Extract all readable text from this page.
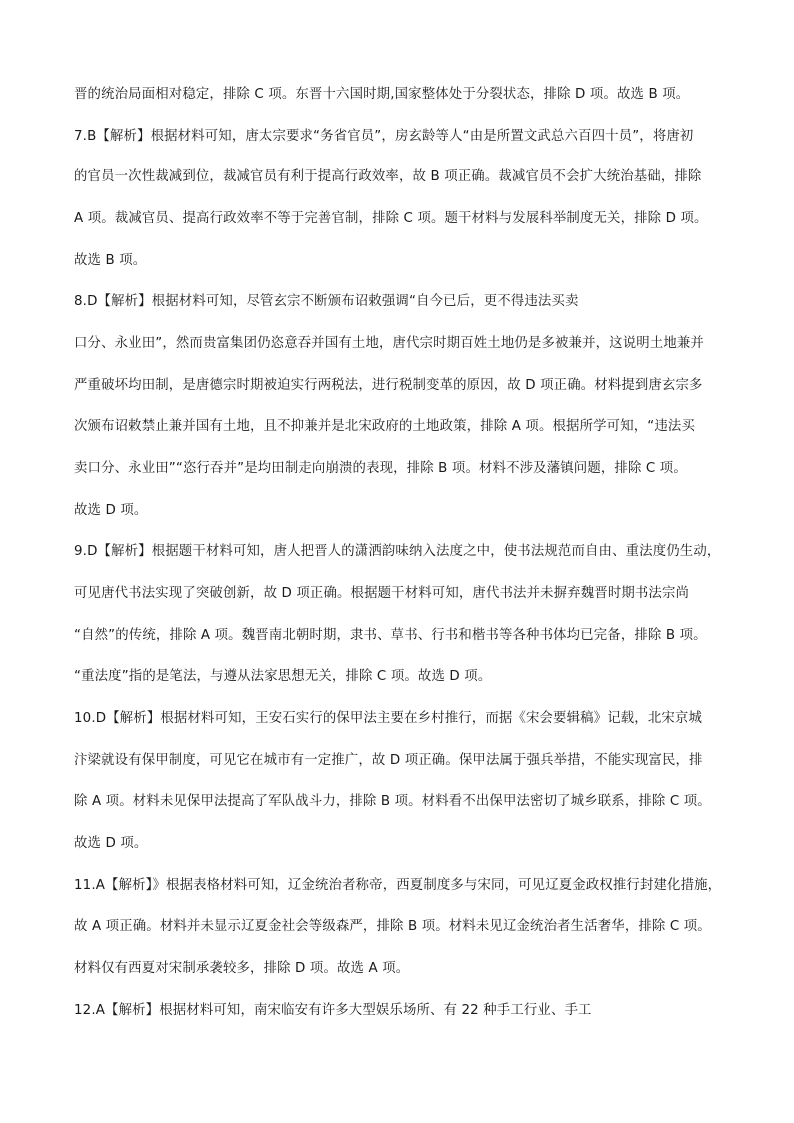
晋的统治局面相对稳定，排除 C 项。东晋十六国时期,国家整体处于分裂状态，排除 D 项。故选 B 项。
7.B【解析】根据材料可知，唐太宗要求“务省官员”，房玄龄等人“由是所置文武总六百四十员”，将唐初
的官员一次性裁减到位，裁减官员有利于提高行政效率，故 B 项正确。裁减官员不会扩大统治基础，排除
A 项。裁减官员、提高行政效率不等于完善官制，排除 C 项。题干材料与发展科举制度无关，排除 D 项。
故选 B 项。
8.D【解析】根据材料可知，尽管玄宗不断颁布诏敕强调“自今已后，更不得违法买卖
口分、永业田”，然而贵富集团仍恣意吞并国有土地，唐代宗时期百姓土地仍是多被兼并，这说明土地兼并
严重破坏均田制，是唐德宗时期被迫实行两税法，进行税制变革的原因，故 D 项正确。材料提到唐玄宗多
次颁布诏敕禁止兼并国有土地，且不抑兼并是北宋政府的土地政策，排除 A 项。根据所学可知，“违法买
卖口分、永业田”“恣行吞并”是均田制走向崩溃的表现，排除 B 项。材料不涉及藩镇问题，排除 C 项。
故选 D 项。
9.D【解析】根据题干材料可知，唐人把晋人的潇洒韵味纳入法度之中，使书法规范而自由、重法度仍生动，
可见唐代书法实现了突破创新，故 D 项正确。根据题干材料可知，唐代书法并未摒弃魏晋时期书法宗尚
“自然”的传统，排除 A 项。魏晋南北朝时期，隶书、草书、行书和楷书等各种书体均已完备，排除 B 项。
“重法度”指的是笔法，与遵从法家思想无关，排除 C 项。故选 D 项。
10.D【解析】根据材料可知，王安石实行的保甲法主要在乡村推行，而据《宋会要辑稿》记载，北宋京城
汴梁就设有保甲制度，可见它在城市有一定推广，故 D 项正确。保甲法属于强兵举措，不能实现富民，排
除 A 项。材料未见保甲法提高了军队战斗力，排除 B 项。材料看不出保甲法密切了城乡联系，排除 C 项。
故选 D 项。
11.A【解析】》根据表格材料可知，辽金统治者称帝，西夏制度多与宋同，可见辽夏金政权推行封建化措施，
故 A 项正确。材料并未显示辽夏金社会等级森严，排除 B 项。材料未见辽金统治者生活奢华，排除 C 项。
材料仅有西夏对宋制承袭较多，排除 D 项。故选 A 项。
12.A【解析】根据材料可知，南宋临安有许多大型娱乐场所、有 22 种手工行业、手工
